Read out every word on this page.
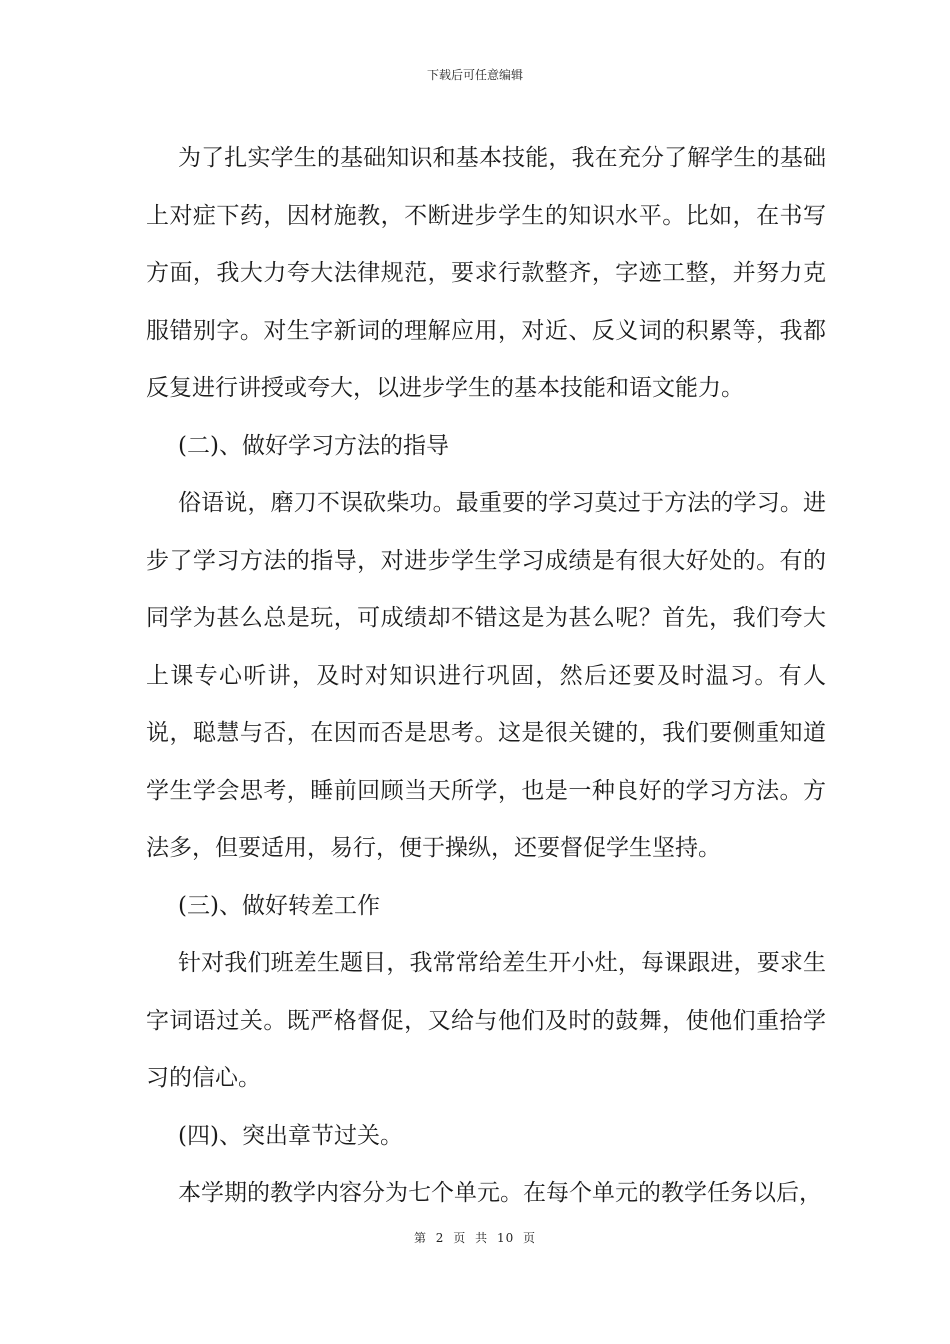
下载后可任意编辑

为了扎实学生的基础知识和基本技能，我在充分了解学生的基础上对症下药，因材施教，不断进步学生的知识水平。比如，在书写方面，我大力夸大法律规范，要求行款整齐，字迹工整，并努力克服错别字。对生字新词的理解应用，对近、反义词的积累等，我都反复进行讲授或夸大，以进步学生的基本技能和语文能力。

(二)、做好学习方法的指导

俗语说，磨刀不误砍柴功。最重要的学习莫过于方法的学习。进步了学习方法的指导，对进步学生学习成绩是有很大好处的。有的同学为甚么总是玩，可成绩却不错这是为甚么呢？首先，我们夸大上课专心听讲，及时对知识进行巩固，然后还要及时温习。有人说，聪慧与否，在因而否是思考。这是很关键的，我们要侧重知道学生学会思考，睡前回顾当天所学，也是一种良好的学习方法。方法多，但要适用，易行，便于操纵，还要督促学生坚持。

(三)、做好转差工作

针对我们班差生题目，我常常给差生开小灶，每课跟进，要求生字词语过关。既严格督促，又给与他们及时的鼓舞，使他们重拾学习的信心。

(四)、突出章节过关。

本学期的教学内容分为七个单元。在每个单元的教学任务以后，

第 2 页 共 10 页
